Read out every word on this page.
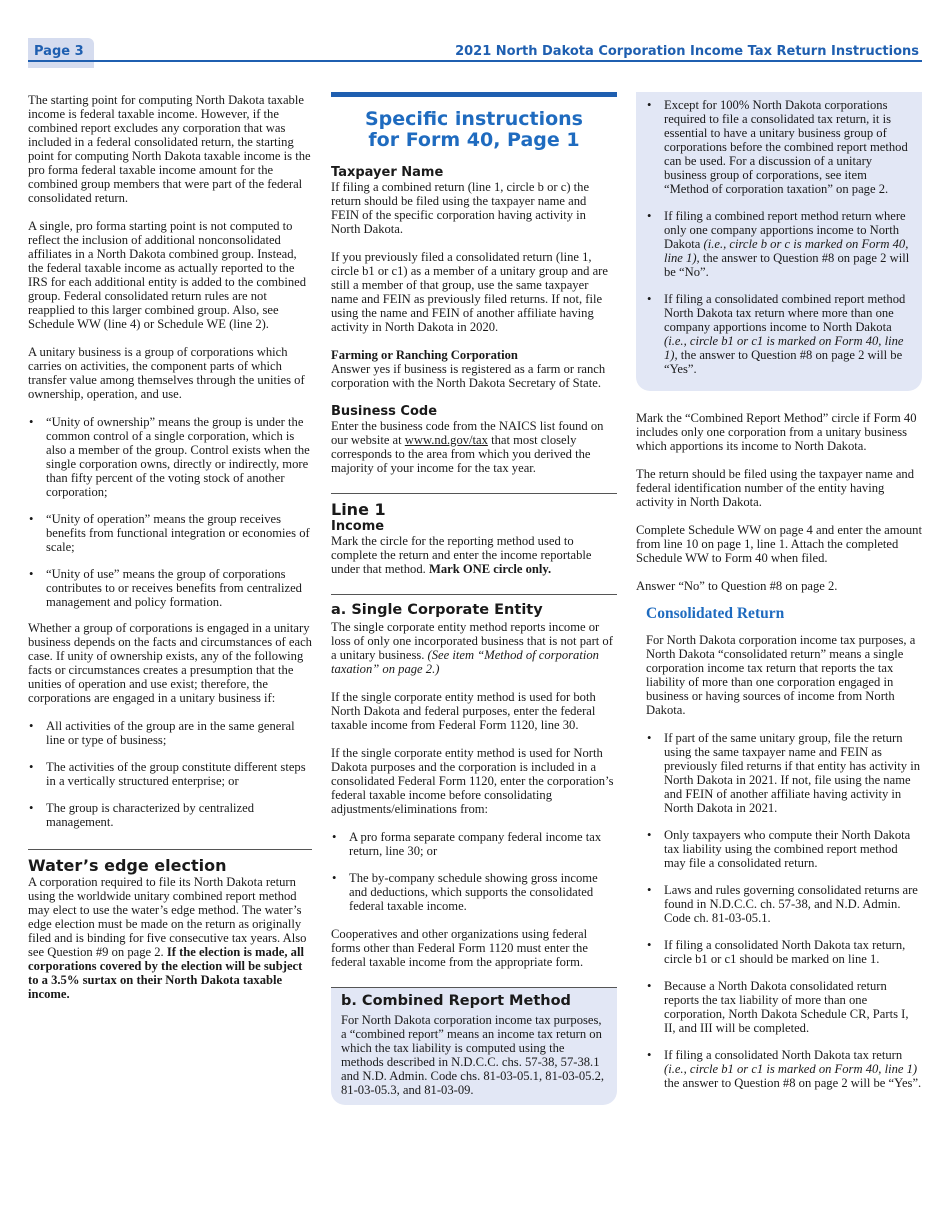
Page 3	2021 North Dakota Corporation Income Tax Return Instructions

The starting point for computing North Dakota taxable income is federal taxable income. However, if the combined report excludes any corporation that was included in a federal consolidated return, the starting point for computing North Dakota taxable income is the pro forma federal taxable income amount for the combined group members that were part of the federal consolidated return.

A single, pro forma starting point is not computed to reflect the inclusion of additional nonconsolidated affiliates in a North Dakota combined group. Instead, the federal taxable income as actually reported to the IRS for each additional entity is added to the combined group. Federal consolidated return rules are not reapplied to this larger combined group. Also, see Schedule WW (line 4) or Schedule WE (line 2).

A unitary business is a group of corporations which carries on activities, the component parts of which transfer value among themselves through the unities of ownership, operation, and use.

• “Unity of ownership” means the group is under the common control of a single corporation, which is also a member of the group. Control exists when the single corporation owns, directly or indirectly, more than fifty percent of the voting stock of another corporation;
• “Unity of operation” means the group receives benefits from functional integration or economies of scale;
• “Unity of use” means the group of corporations contributes to or receives benefits from centralized management and policy formation.

Whether a group of corporations is engaged in a unitary business depends on the facts and circumstances of each case. If unity of ownership exists, any of the following facts or circumstances creates a presumption that the unities of operation and use exist; therefore, the corporations are engaged in a unitary business if:

• All activities of the group are in the same general line or type of business;
• The activities of the group constitute different steps in a vertically structured enterprise; or
• The group is characterized by centralized management.
Water’s edge election

A corporation required to file its North Dakota return using the worldwide unitary combined report method may elect to use the water’s edge method. The water’s edge election must be made on the return as originally filed and is binding for five consecutive tax years. Also see Question #9 on page 2. If the election is made, all corporations covered by the election will be subject to a 3.5% surtax on their North Dakota taxable income.

Specific instructions for Form 40, Page 1
Taxpayer Name

If filing a combined return (line 1, circle b or c) the return should be filed using the taxpayer name and FEIN of the specific corporation having activity in North Dakota.

If you previously filed a consolidated return (line 1, circle b1 or c1) as a member of a unitary group and are still a member of that group, use the same taxpayer name and FEIN as previously filed returns. If not, file using the name and FEIN of another affiliate having activity in North Dakota in 2020.

Farming or Ranching Corporation

Answer yes if business is registered as a farm or ranch corporation with the North Dakota Secretary of State.

Business Code

Enter the business code from the NAICS list found on our website at www.nd.gov/tax that most closely corresponds to the area from which you derived the majority of your income for the tax year.

Line 1
Income

Mark the circle for the reporting method used to complete the return and enter the income reportable under that method. Mark ONE circle only.

a. Single Corporate Entity

The single corporate entity method reports income or loss of only one incorporated business that is not part of a unitary business. (See item “Method of corporation taxation” on page 2.)

If the single corporate entity method is used for both North Dakota and federal purposes, enter the federal taxable income from Federal Form 1120, line 30.

If the single corporate entity method is used for North Dakota purposes and the corporation is included in a consolidated Federal Form 1120, enter the corporation’s federal taxable income before consolidating adjustments/eliminations from:

• A pro forma separate company federal income tax return, line 30; or
• The by-company schedule showing gross income and deductions, which supports the consolidated federal taxable income.

Cooperatives and other organizations using federal forms other than Federal Form 1120 must enter the federal taxable income from the appropriate form.

b. Combined Report Method

For North Dakota corporation income tax purposes, a “combined report” means an income tax return on which the tax liability is computed using the methods described in N.D.C.C. chs. 57-38, 57-38.1 and N.D. Admin. Code chs. 81-03-05.1, 81-03-05.2, 81-03-05.3, and 81-03-09.

• Except for 100% North Dakota corporations required to file a consolidated tax return, it is essential to have a unitary business group of corporations before the combined report method can be used. For a discussion of a unitary business group of corporations, see item “Method of corporation taxation” on page 2.
• If filing a combined report method return where only one company apportions income to North Dakota (i.e., circle b or c is marked on Form 40, line 1), the answer to Question #8 on page 2 will be “No”.
• If filing a consolidated combined report method North Dakota tax return where more than one company apportions income to North Dakota (i.e., circle b1 or c1 is marked on Form 40, line 1), the answer to Question #8 on page 2 will be “Yes”.

Mark the “Combined Report Method” circle if Form 40 includes only one corporation from a unitary business which apportions its income to North Dakota.

The return should be filed using the taxpayer name and federal identification number of the entity having activity in North Dakota.

Complete Schedule WW on page 4 and enter the amount from line 10 on page 1, line 1. Attach the completed Schedule WW to Form 40 when filed.

Answer “No” to Question #8 on page 2.

Consolidated Return

For North Dakota corporation income tax purposes, a North Dakota “consolidated return” means a single corporation income tax return that reports the tax liability of more than one corporation engaged in business or having sources of income from North Dakota.

• If part of the same unitary group, file the return using the same taxpayer name and FEIN as previously filed returns if that entity has activity in North Dakota in 2021. If not, file using the name and FEIN of another affiliate having activity in North Dakota in 2021.
• Only taxpayers who compute their North Dakota tax liability using the combined report method may file a consolidated return.
• Laws and rules governing consolidated returns are found in N.D.C.C. ch. 57-38, and N.D. Admin. Code ch. 81-03-05.1.
• If filing a consolidated North Dakota tax return, circle b1 or c1 should be marked on line 1.
• Because a North Dakota consolidated return reports the tax liability of more than one corporation, North Dakota Schedule CR, Parts I, II, and III will be completed.
• If filing a consolidated North Dakota tax return (i.e., circle b1 or c1 is marked on Form 40, line 1) the answer to Question #8 on page 2 will be “Yes”.
